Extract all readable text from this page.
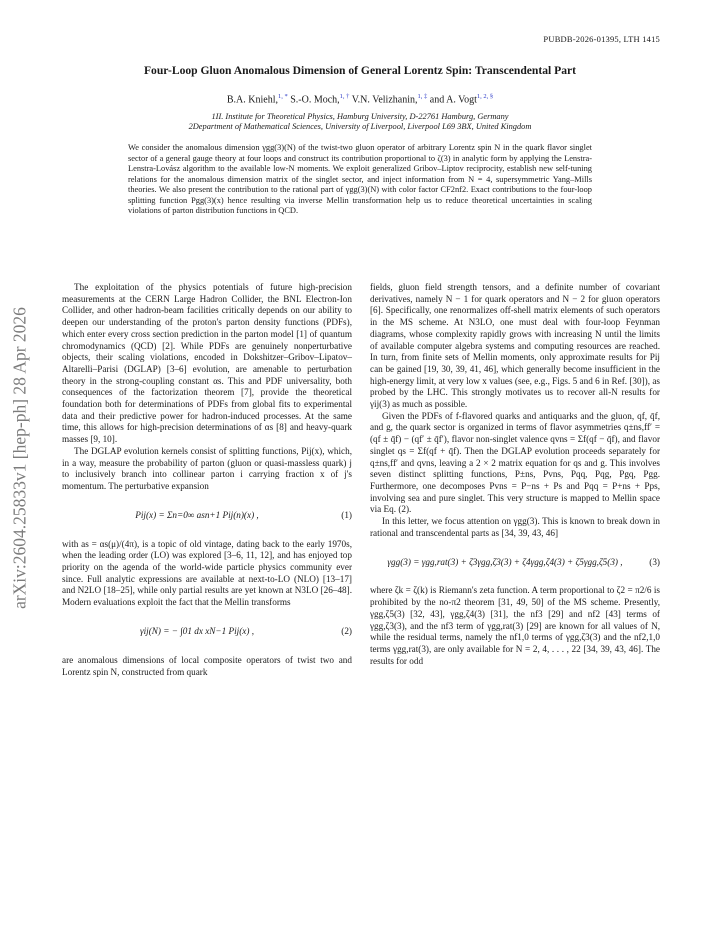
PUBDB-2026-01395, LTH 1415
Four-Loop Gluon Anomalous Dimension of General Lorentz Spin: Transcendental Part
B.A. Kniehl,$^{1, *}$ S.-O. Moch,$^{1, \dagger}$ V.N. Velizhanin,$^{1, \ddagger}$ and A. Vogt$^{1, 2, \S}$
1II. Institute for Theoretical Physics, Hamburg University, D-22761 Hamburg, Germany
2Department of Mathematical Sciences, University of Liverpool, Liverpool L69 3BX, United Kingdom
We consider the anomalous dimension γgg(3)(N) of the twist-two gluon operator of arbitrary Lorentz spin N in the quark flavor singlet sector of a general gauge theory at four loops and construct its contribution proportional to ζ(3) in analytic form by applying the Lenstra-Lenstra-Lovász algorithm to the available low-N moments. We exploit generalized Gribov–Liptov reciprocity, establish new self-tuning relations for the anomalous dimension matrix of the singlet sector, and inject information from N = 4, supersymmetric Yang–Mills theories. We also present the contribution to the rational part of γgg(3)(N) with color factor CF2nf2. Exact contributions to the four-loop splitting function Pgg(3)(x) hence resulting via inverse Mellin transformation help us to reduce theoretical uncertainties in scaling violations of parton distribution functions in QCD.
arXiv:2604.25833v1 [hep-ph] 28 Apr 2026

The exploitation of the physics potentials of future high-precision measurements at the CERN Large Hadron Collider, the BNL Electron-Ion Collider, and other hadron-beam facilities critically depends on our ability to deepen our understanding of the proton's parton density functions (PDFs), which enter every cross section prediction in the parton model [1] of quantum chromodynamics (QCD) [2]. While PDFs are genuinely nonperturbative objects, their scaling violations, encoded in Dokshitzer–Gribov–Lipatov–Altarelli–Parisi (DGLAP) [3–6] evolution, are amenable to perturbation theory in the strong-coupling constant αs. This and PDF universality, both consequences of the factorization theorem [7], provide the theoretical foundation both for determinations of PDFs from global fits to experimental data and their predictive power for hadron-induced processes. At the same time, this allows for high-precision determinations of αs [8] and heavy-quark masses [9, 10].

The DGLAP evolution kernels consist of splitting functions, Pij(x), which, in a way, measure the probability of parton (gluon or quasi-massless quark) j to inclusively branch into collinear parton i carrying fraction x of j's momentum. The perturbative expansion

Pij(x) = Σn=0∞ asn+1 Pij(n)(x) ,	(1)

with as = αs(μ)/(4π), is a topic of old vintage, dating back to the early 1970s, when the leading order (LO) was explored [3–6, 11, 12], and has enjoyed top priority on the agenda of the world-wide particle physics community ever since. Full analytic expressions are available at next-to-LO (NLO) [13–17] and N2LO [18–25], while only partial results are yet known at N3LO [26–48]. Modern evaluations exploit the fact that the Mellin transforms

γij(N) = − ∫01 dx xN−1 Pij(x) ,	(2)

are anomalous dimensions of local composite operators of twist two and Lorentz spin N, constructed from quark

fields, gluon field strength tensors, and a definite number of covariant derivatives, namely N − 1 for quark operators and N − 2 for gluon operators [6]. Specifically, one renormalizes off-shell matrix elements of such operators in the MS scheme. At N3LO, one must deal with four-loop Feynman diagrams, whose complexity rapidly grows with increasing N until the limits of available computer algebra systems and computing resources are reached. In turn, from finite sets of Mellin moments, only approximate results for Pij can be gained [19, 30, 39, 41, 46], which generally become insufficient in the high-energy limit, at very low x values (see, e.g., Figs. 5 and 6 in Ref. [30]), as probed by the LHC. This strongly motivates us to recover all-N results for γij(3) as much as possible.

Given the PDFs of f-flavored quarks and antiquarks and the gluon, qf, q̄f, and g, the quark sector is organized in terms of flavor asymmetries q±ns,ff′ = (qf ± q̄f) − (qf′ ± q̄f′), flavor non-singlet valence qvns = Σf(qf − q̄f), and flavor singlet qs = Σf(qf + q̄f). Then the DGLAP evolution proceeds separately for q±ns,ff′ and qvns, leaving a 2 × 2 matrix equation for qs and g. This involves seven distinct splitting functions, P±ns, Pvns, Pqq, Pqg, Pgq, Pgg. Furthermore, one decomposes Pvns = P−ns + Ps and Pqq = P+ns + Pps, involving sea and pure singlet. This very structure is mapped to Mellin space via Eq. (2).

In this letter, we focus attention on γgg(3). This is known to break down in rational and transcendental parts as [34, 39, 43, 46]

γgg(3) = γgg,rat(3) + ζ3γgg,ζ3(3) + ζ4γgg,ζ4(3) + ζ5γgg,ζ5(3) ,	(3)

where ζk = ζ(k) is Riemann's zeta function. A term proportional to ζ2 = π2/6 is prohibited by the no-π2 theorem [31, 49, 50] of the MS scheme. Presently, γgg,ζ5(3) [32, 43], γgg,ζ4(3) [31], the nf3 [29] and nf2 [43] terms of γgg,ζ3(3), and the nf3 term of γgg,rat(3) [29] are known for all values of N, while the residual terms, namely the nf1,0 terms of γgg,ζ3(3) and the nf2,1,0 terms γgg,rat(3), are only available for N = 2, 4, . . . , 22 [34, 39, 43, 46]. The results for odd
